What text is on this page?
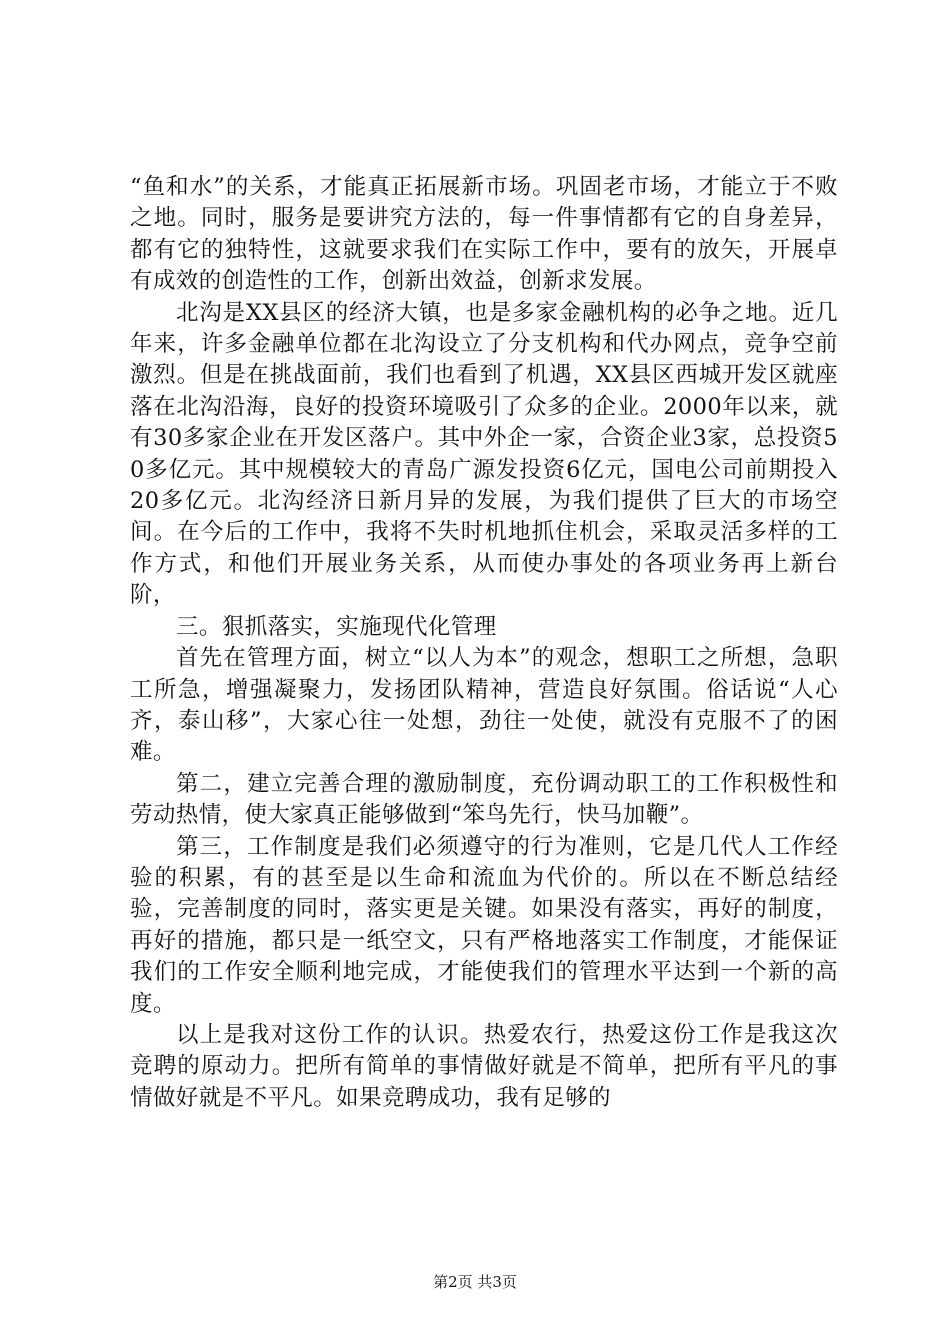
“鱼和水”的关系，才能真正拓展新市场。巩固老市场，才能立于不败之地。同时，服务是要讲究方法的，每一件事情都有它的自身差异，都有它的独特性，这就要求我们在实际工作中，要有的放矢，开展卓有成效的创造性的工作，创新出效益，创新求发展。

北沟是XX县区的经济大镇，也是多家金融机构的必争之地。近几年来，许多金融单位都在北沟设立了分支机构和代办网点，竞争空前激烈。但是在挑战面前，我们也看到了机遇，XX县区西城开发区就座落在北沟沿海，良好的投资环境吸引了众多的企业。2000年以来，就有30多家企业在开发区落户。其中外企一家，合资企业3家，总投资50多亿元。其中规模较大的青岛广源发投资6亿元，国电公司前期投入20多亿元。北沟经济日新月异的发展，为我们提供了巨大的市场空间。在今后的工作中，我将不失时机地抓住机会，采取灵活多样的工作方式，和他们开展业务关系，从而使办事处的各项业务再上新台阶，

三。狠抓落实，实施现代化管理

首先在管理方面，树立“以人为本”的观念，想职工之所想，急职工所急，增强凝聚力，发扬团队精神，营造良好氛围。俗话说“人心齐，泰山移”，大家心往一处想，劲往一处使，就没有克服不了的困难。

第二，建立完善合理的激励制度，充份调动职工的工作积极性和劳动热情，使大家真正能够做到“笨鸟先行，快马加鞭”。

第三，工作制度是我们必须遵守的行为准则，它是几代人工作经验的积累，有的甚至是以生命和流血为代价的。所以在不断总结经验，完善制度的同时，落实更是关键。如果没有落实，再好的制度，再好的措施，都只是一纸空文，只有严格地落实工作制度，才能保证我们的工作安全顺利地完成，才能使我们的管理水平达到一个新的高度。

以上是我对这份工作的认识。热爱农行，热爱这份工作是我这次竞聘的原动力。把所有简单的事情做好就是不简单，把所有平凡的事情做好就是不平凡。如果竞聘成功，我有足够的

第2页 共3页
